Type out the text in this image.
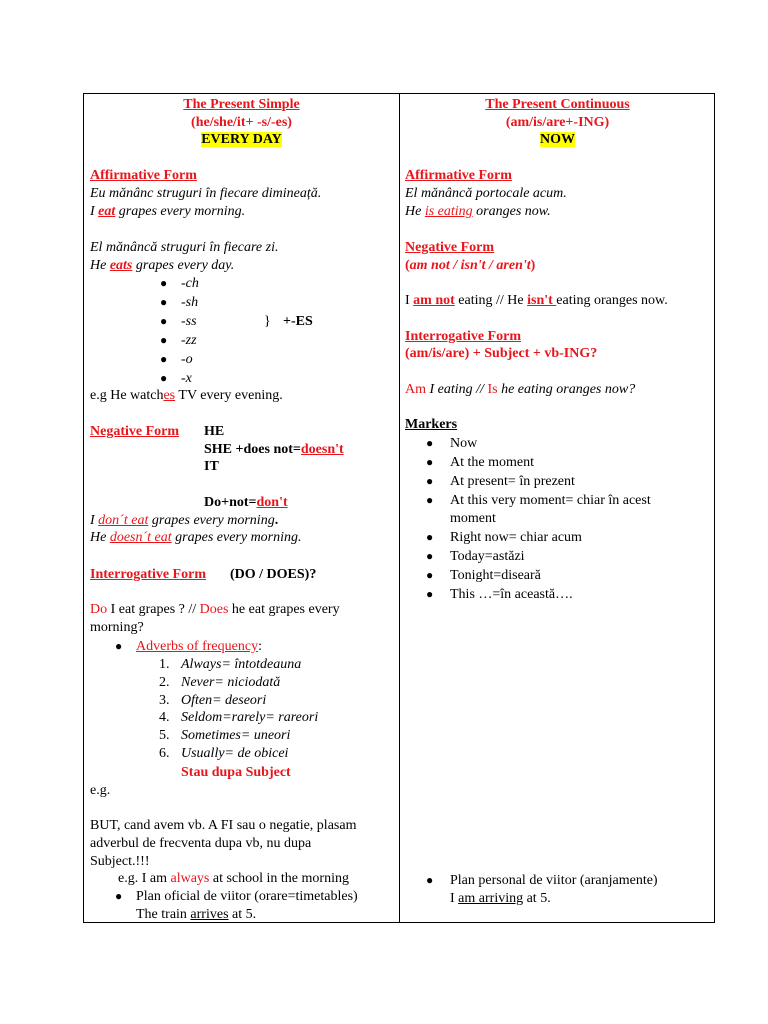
The Present Simple
(he/she/it+ -s/-es)
EVERY DAY
Affirmative Form
Eu mănânc struguri în fiecare dimineață.
I eat grapes every morning.
El mănâncă struguri în fiecare zi.
He eats grapes every day.
● -ch
● -sh
● -ss
● -zz
● -o
● -x
} +-ES
e.g He watches TV every evening.
Negative Form HE
SHE +does not=doesn't
IT
Do+not=don't
I don´t eat grapes every morning.
He doesn´t eat grapes every morning.
Interrogative Form (DO / DOES)?
Do I eat grapes ? // Does he eat grapes every
morning?
● Adverbs of frequency:
1. Always= întotdeauna
2. Never= niciodată
3. Often= deseori
4. Seldom=rarely= rareori
5. Sometimes= uneori
6. Usually= de obicei
Stau dupa Subject
e.g.
BUT, cand avem vb. A FI sau o negatie, plasam
adverbul de frecventa dupa vb, nu dupa
Subject.!!!
e.g. I am always at school in the morning
● Plan oficial de viitor (orare=timetables)
The train arrives at 5.
The Present Continuous
(am/is/are+-ING)
NOW
Affirmative Form
El mănâncă portocale acum.
He is eating oranges now.
Negative Form
(am not / isn't / aren't)
I am not eating // He isn't eating oranges now.
Interrogative Form
(am/is/are) + Subject + vb-ING?
Am I eating // Is he eating oranges now?
Markers
● Now
● At the moment
● At present= în prezent
● At this very moment= chiar în acest
moment
● Right now= chiar acum
● Today=astăzi
● Tonight=diseară
● This …=în această….
● Plan personal de viitor (aranjamente)
I am arriving at 5.
